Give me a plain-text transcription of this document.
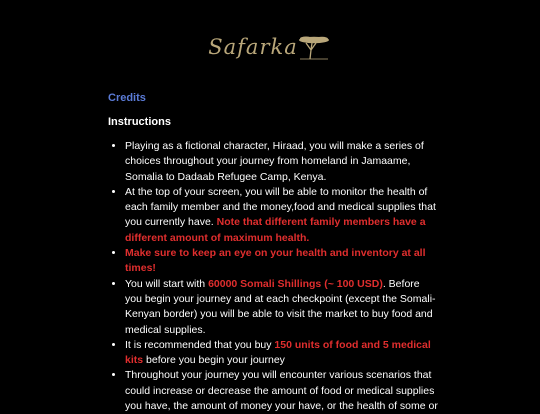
Safarka
Credits
Instructions
• Playing as a fictional character, Hiraad, you will make a series of choices throughout your journey from homeland in Jamaame, Somalia to Dadaab Refugee Camp, Kenya.
• At the top of your screen, you will be able to monitor the health of each family member and the money,food and medical supplies that you currently have. Note that different family members have a different amount of maximum health.
• Make sure to keep an eye on your health and inventory at all times!
• You will start with 60000 Somali Shillings (~ 100 USD). Before you begin your journey and at each checkpoint (except the Somali-Kenyan border) you will be able to visit the market to buy food and medical supplies.
• It is recommended that you buy 150 units of food and 5 medical kits before you begin your journey
• Throughout your journey you will encounter various scenarios that could increase or decrease the amount of food or medical supplies you have, the amount of money your have, or the health of some or
